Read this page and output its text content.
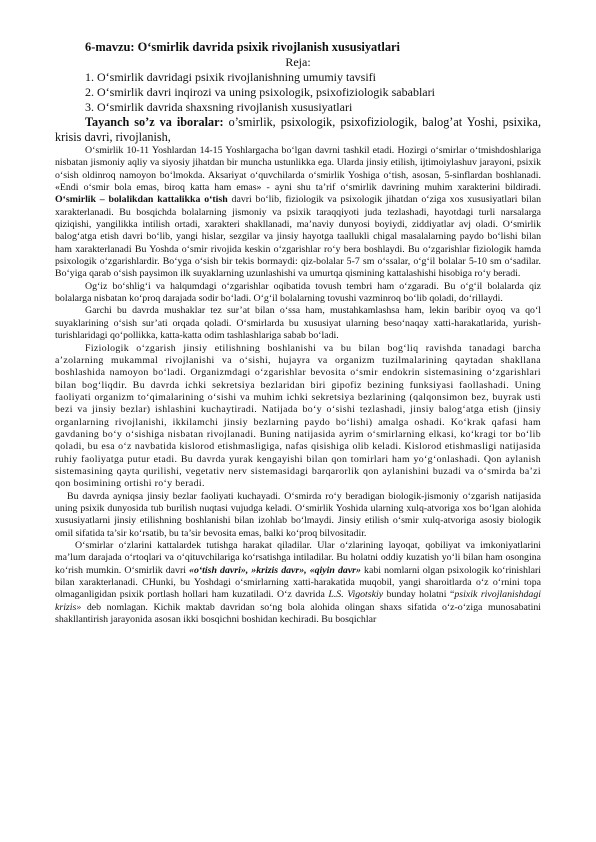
6-mavzu: O‘smirlik davrida psixik rivojlanish xususiyatlari

Reja:

1. O‘smirlik davridagi psixik rivojlanishning umumiy tavsifi

2. O‘smirlik davri inqirozi va uning psixologik, psixofiziologik sabablari

3. O‘smirlik davrida shaxsning rivojlanish xususiyatlari

Tayanch so’z va iboralar: o’smirlik, psixologik, psixofiziologik, balog’at Yoshi, psixika, krisis davri, rivojlanish,

O‘smirlik 10-11 Yoshlardan 14-15 Yoshlargacha bo‘lgan davrni tashkil etadi. Hozirgi o‘smirlar o‘tmishdoshlariga nisbatan jismoniy aqliy va siyosiy jihatdan bir muncha ustunlikka ega. Ularda jinsiy etilish, ijtimoiylashuv jarayoni, psixik o‘sish oldinroq namoyon bo‘lmokda. Aksariyat o‘quvchilarda o‘smirlik Yoshiga o‘tish, asosan, 5-sinflardan boshlanadi. «Endi o‘smir bola emas, biroq katta ham emas» - ayni shu ta’rif o‘smirlik davrining muhim xarakterini bildiradi. O‘smirlik – bolalikdan kattalikka o‘tish davri bo‘lib, fiziologik va psixologik jihatdan o‘ziga xos xususiyatlari bilan xarakterlanadi. Bu bosqichda bolalarning jismoniy va psixik taraqqiyoti juda tezlashadi, hayotdagi turli narsalarga qiziqishi, yangilikka intilish ortadi, xarakteri shakllanadi, ma’naviy dunyosi boyiydi, ziddiyatlar avj oladi. O‘smirlik balog‘atga etish davri bo‘lib, yangi hislar, sezgilar va jinsiy hayotga taallukli chigal masalalarning paydo bo‘lishi bilan ham xarakterlanadi Bu Yoshda o‘smir rivojida keskin o‘zgarishlar ro‘y bera boshlaydi. Bu o‘zgarishlar fiziologik hamda psixologik o‘zgarishlardir. Bo‘yga o‘sish bir tekis bormaydi: qiz-bolalar 5-7 sm o‘ssalar, o‘g‘il bolalar 5-10 sm o‘sadilar. Bo‘yiga qarab o‘sish paysimon ilk suyaklarning uzunlashishi va umurtqa qismining kattalashishi hisobiga ro‘y beradi.

Og‘iz bo‘shlig‘i va halqumdagi o‘zgarishlar oqibatida tovush tembri ham o‘zgaradi. Bu o‘g‘il bolalarda qiz bolalarga nisbatan ko‘proq darajada sodir bo‘ladi. O‘g‘il bolalarning tovushi vazminroq bo‘lib qoladi, do‘rillaydi.

Garchi bu davrda mushaklar tez sur’at bilan o‘ssa ham, mustahkamlashsa ham, lekin baribir oyoq va qo‘l suyaklarining o‘sish sur’ati orqada qoladi. O‘smirlarda bu xususiyat ularning beso‘naqay xatti-harakatlarida, yurish-turishlaridagi qo‘pollikka, katta-katta odim tashlashlariga sabab bo‘ladi.

Fiziologik o‘zgarish jinsiy etilishning boshlanishi va bu bilan bog‘liq ravishda tanadagi barcha a’zolarning mukammal rivojlanishi va o‘sishi, hujayra va organizm tuzilmalarining qaytadan shakllana boshlashida namoyon bo‘ladi. Organizmdagi o‘zgarishlar bevosita o‘smir endokrin sistemasining o‘zgarishlari bilan bog‘liqdir. Bu davrda ichki sekretsiya bezlaridan biri gipofiz bezining funksiyasi faollashadi. Uning faoliyati organizm to‘qimalarining o‘sishi va muhim ichki sekretsiya bezlarining (qalqonsimon bez, buyrak usti bezi va jinsiy bezlar) ishlashini kuchaytiradi. Natijada bo‘y o‘sishi tezlashadi, jinsiy balog‘atga etish (jinsiy organlarning rivojlanishi, ikkilamchi jinsiy bezlarning paydo bo‘lishi) amalga oshadi. Ko‘krak qafasi ham gavdaning bo‘y o‘sishiga nisbatan rivojlanadi. Buning natijasida ayrim o‘smirlarning elkasi, ko‘kragi tor bo‘lib qoladi, bu esa o‘z navbatida kislorod etishmasligiga, nafas qisishiga olib keladi. Kislorod etishmasligi natijasida ruhiy faoliyatga putur etadi. Bu davrda yurak kengayishi bilan qon tomirlari ham yo‘g‘onlashadi. Qon aylanish sistemasining qayta qurilishi, vegetativ nerv sistemasidagi barqarorlik qon aylanishini buzadi va o‘smirda ba’zi qon bosimining ortishi ro‘y beradi.

Bu davrda ayniqsa jinsiy bezlar faoliyati kuchayadi. O‘smirda ro‘y beradigan biologik-jismoniy o‘zgarish natijasida uning psixik dunyosida tub burilish nuqtasi vujudga keladi. O‘smirlik Yoshida ularning xulq-atvoriga xos bo‘lgan alohida xususiyatlarni jinsiy etilishning boshlanishi bilan izohlab bo‘lmaydi. Jinsiy etilish o‘smir xulq-atvoriga asosiy biologik omil sifatida ta’sir ko‘rsatib, bu ta’sir bevosita emas, balki ko‘proq bilvositadir.

O‘smirlar o‘zlarini kattalardek tutishga harakat qiladilar. Ular o‘zlarining layoqat, qobiliyat va imkoniyatlarini ma’lum darajada o‘rtoqlari va o‘qituvchilariga ko‘rsatishga intiladilar. Bu holatni oddiy kuzatish yo‘li bilan ham osongina ko‘rish mumkin. O‘smirlik davri «o‘tish davri», »krizis davr», «qiyin davr» kabi nomlarni olgan psixologik ko‘rinishlari bilan xarakterlanadi. CHunki, bu Yoshdagi o‘smirlarning xatti-harakatida muqobil, yangi sharoitlarda o‘z o‘rnini topa olmaganligidan psixik portlash hollari ham kuzatiladi. O‘z davrida L.S. Vigotskiy bunday holatni “psixik rivojlanishdagi krizis» deb nomlagan. Kichik maktab davridan so‘ng bola alohida olingan shaxs sifatida o‘z-o‘ziga munosabatini shakllantirish jarayonida asosan ikki bosqichni boshidan kechiradi. Bu bosqichlar
